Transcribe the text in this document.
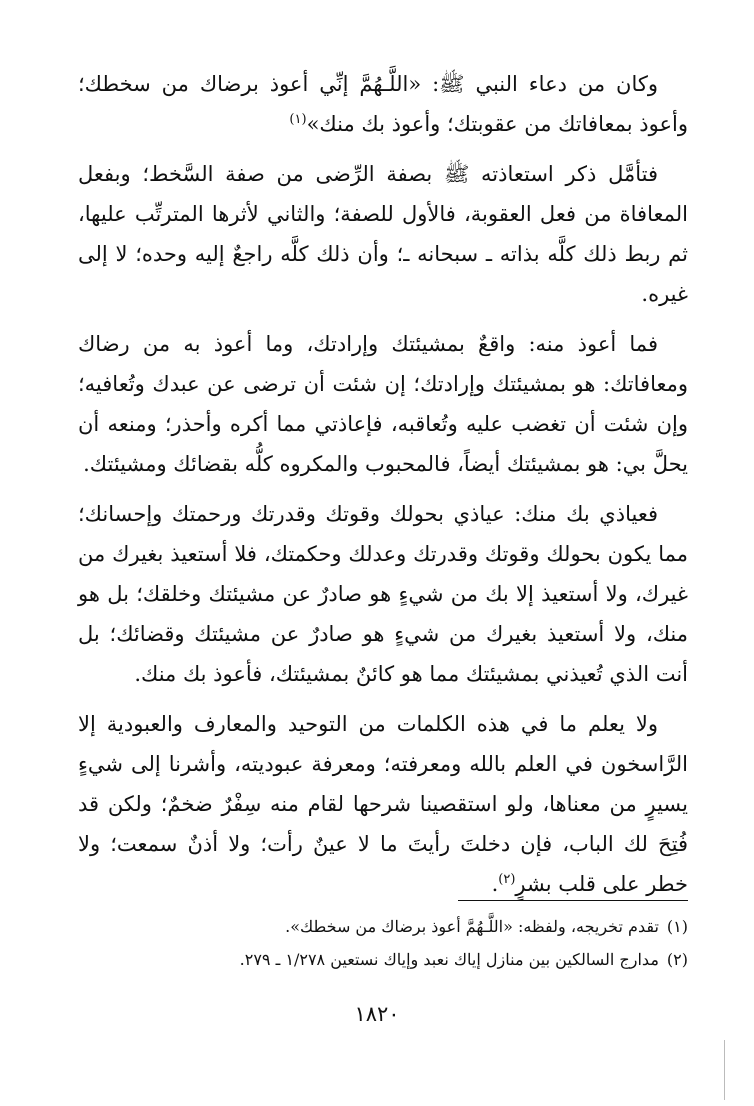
وكان من دعاء النبي ﷺ: «اللَّـهُمَّ إنِّي أعوذ برضاك من سخطك؛ وأعوذ بمعافاتك من عقوبتك؛ وأعوذ بك منك»$^{(١)}$

فتأمَّل ذكر استعاذته ﷺ بصفة الرِّضى من صفة السَّخط؛ وبفعل المعافاة من فعل العقوبة، فالأول للصفة؛ والثاني لأثرها المترتِّب عليها، ثم ربط ذلك كلَّه بذاته ـ سبحانه ـ؛ وأن ذلك كلَّه راجعٌ إليه وحده؛ لا إلى غيره.

فما أعوذ منه: واقعٌ بمشيئتك وإرادتك، وما أعوذ به من رضاك ومعافاتك: هو بمشيئتك وإرادتك؛ إن شئت أن ترضى عن عبدك وتُعافيه؛ وإن شئت أن تغضب عليه وتُعاقبه، فإعاذتي مما أكره وأحذر؛ ومنعه أن يحلَّ بي: هو بمشيئتك أيضاً، فالمحبوب والمكروه كلُّه بقضائك ومشيئتك.

فعياذي بك منك: عياذي بحولك وقوتك وقدرتك ورحمتك وإحسانك؛ مما يكون بحولك وقوتك وقدرتك وعدلك وحكمتك، فلا أستعيذ بغيرك من غيرك، ولا أستعيذ إلا بك من شيءٍ هو صادرٌ عن مشيئتك وخلقك؛ بل هو منك، ولا أستعيذ بغيرك من شيءٍ هو صادرٌ عن مشيئتك وقضائك؛ بل أنت الذي تُعيذني بمشيئتك مما هو كائنٌ بمشيئتك، فأعوذ بك منك.

ولا يعلم ما في هذه الكلمات من التوحيد والمعارف والعبودية إلا الرَّاسخون في العلم بالله ومعرفته؛ ومعرفة عبوديته، وأشرنا إلى شيءٍ يسيرٍ من معناها، ولو استقصينا شرحها لقام منه سِفْرٌ ضخمٌ؛ ولكن قد فُتِحَ لك الباب، فإن دخلتَ رأيتَ ما لا عينٌ رأت؛ ولا أذنٌ سمعت؛ ولا خطر على قلب بشرٍ$^{(٢)}$.

(١)تقدم تخريجه، ولفظه: «اللَّـهُمَّ أعوذ برضاك من سخطك».

(٢)مدارج السالكين بين منازل إياك نعبد وإياك نستعين ١/٢٧٨ ـ ٢٧٩.

١٨٢٠
